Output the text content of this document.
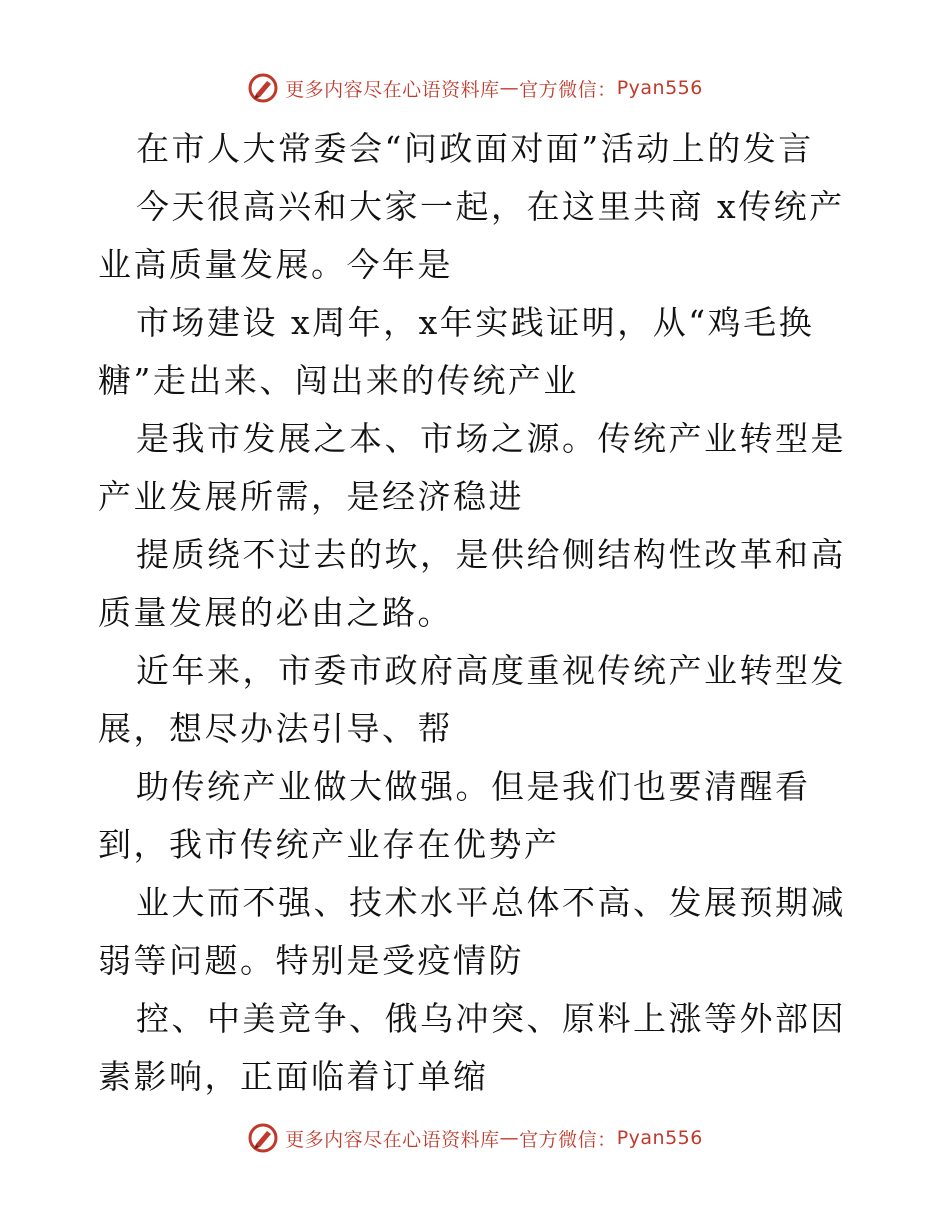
更多内容尽在心语资料库 — 官方微信： Pyan556

在市人大常委会“问政面对面”活动上的发言

今天很高兴和大家一起，在这里共商 x传统产业高质量发展。今年是

市场建设 x周年，x年实践证明，从“鸡毛换糖”走出来、闯出来的传统产业

是我市发展之本、市场之源。传统产业转型是产业发展所需，是经济稳进

提质绕不过去的坎，是供给侧结构性改革和高质量发展的必由之路。

近年来，市委市政府高度重视传统产业转型发展，想尽办法引导、帮

助传统产业做大做强。但是我们也要清醒看到，我市传统产业存在优势产

业大而不强、技术水平总体不高、发展预期减弱等问题。特别是受疫情防

控、中美竞争、俄乌冲突、原料上涨等外部因素影响，正面临着订单缩

更多内容尽在心语资料库 — 官方微信： Pyan556
